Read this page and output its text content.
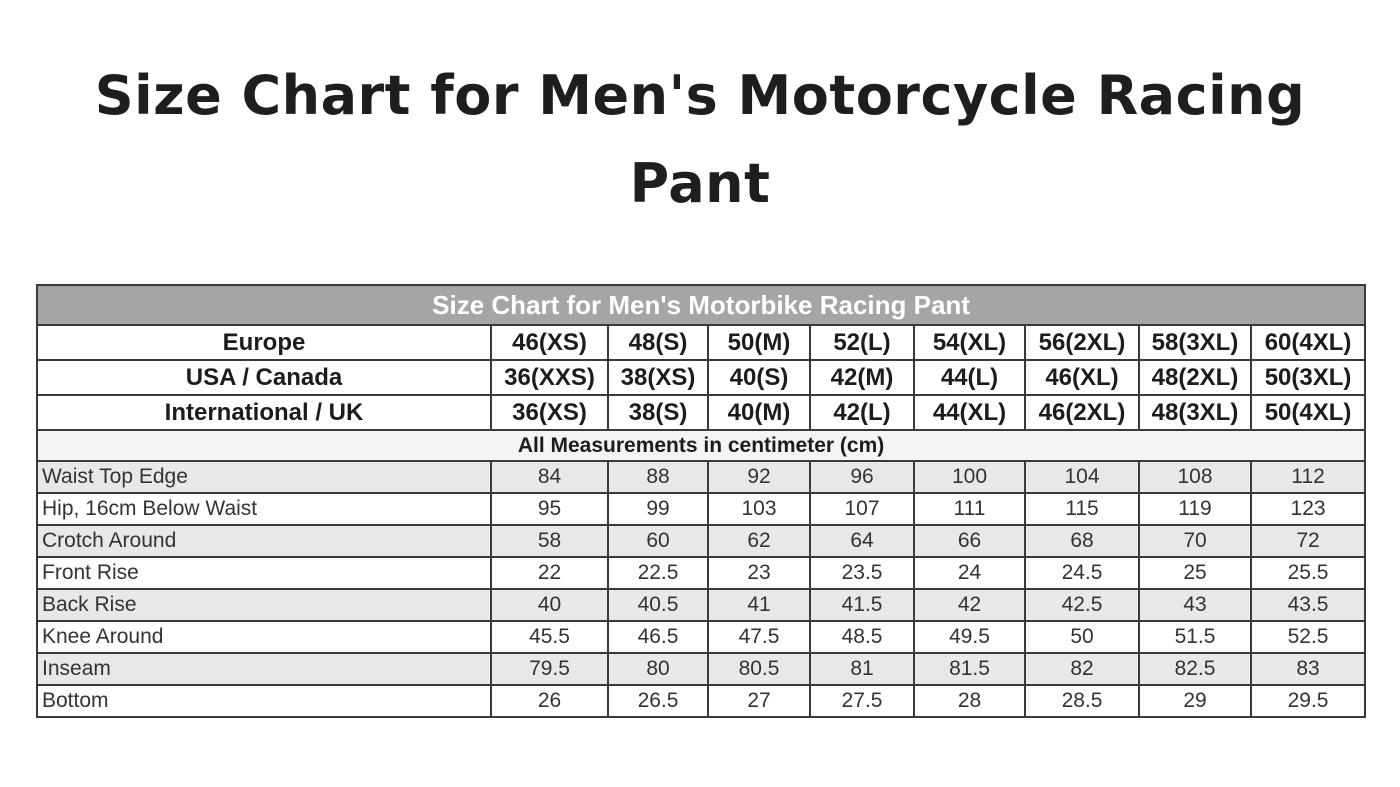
Size Chart for Men's Motorcycle Racing
Pant
Size Chart for Men's Motorbike Racing Pant								
Europe	46(XS)	48(S)	50(M)	52(L)	54(XL)	56(2XL)	58(3XL)	60(4XL)
USA / Canada	36(XXS)	38(XS)	40(S)	42(M)	44(L)	46(XL)	48(2XL)	50(3XL)
International / UK	36(XS)	38(S)	40(M)	42(L)	44(XL)	46(2XL)	48(3XL)	50(4XL)
All Measurements in centimeter (cm)								
Waist Top Edge	84	88	92	96	100	104	108	112
Hip, 16cm Below Waist	95	99	103	107	111	115	119	123
Crotch Around	58	60	62	64	66	68	70	72
Front Rise	22	22.5	23	23.5	24	24.5	25	25.5
Back Rise	40	40.5	41	41.5	42	42.5	43	43.5
Knee Around	45.5	46.5	47.5	48.5	49.5	50	51.5	52.5
Inseam	79.5	80	80.5	81	81.5	82	82.5	83
Bottom	26	26.5	27	27.5	28	28.5	29	29.5
